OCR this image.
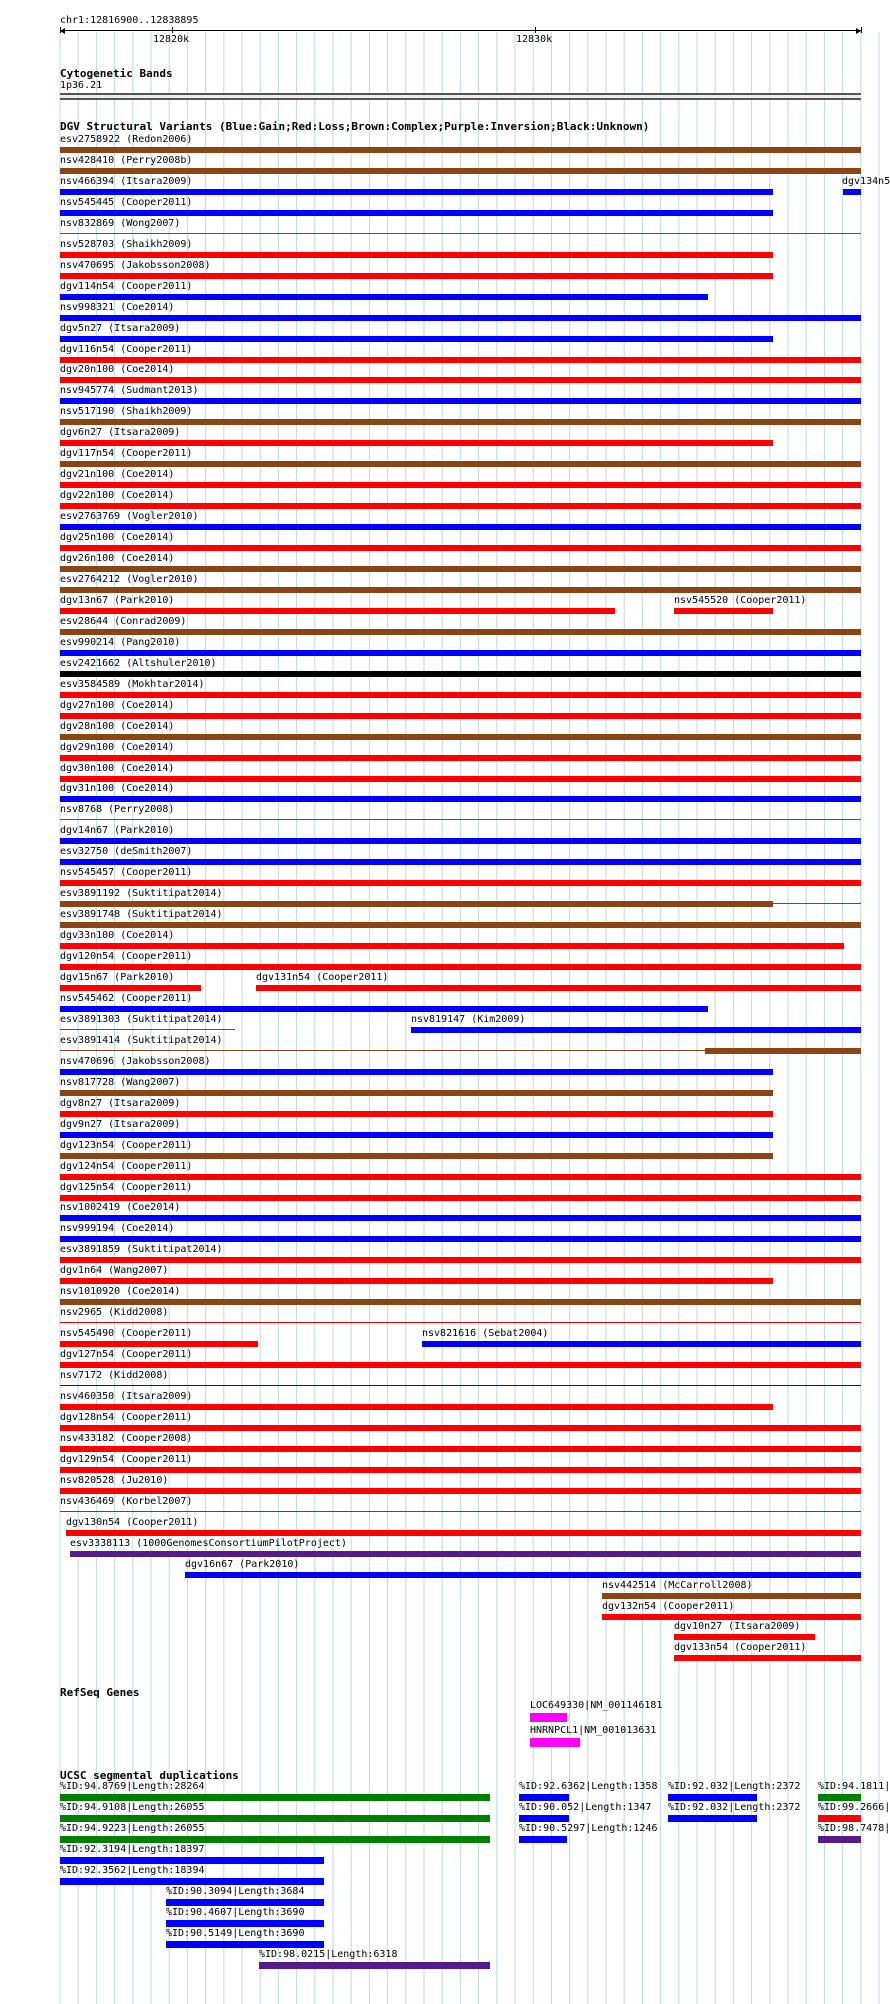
chr1:12816900..12838895
12820k	12830k
Cytogenetic Bands
1p36.21
DGV Structural Variants (Blue:Gain;Red:Loss;Brown:Complex;Purple:Inversion;Black:Unknown)
esv2758922 (Redon2006)
nsv428410 (Perry2008b)
nsv466394 (Itsara2009)	dgv134n5
nsv545445 (Cooper2011)
nsv832869 (Wong2007)
nsv528703 (Shaikh2009)
nsv470695 (Jakobsson2008)
dgv114n54 (Cooper2011)
nsv998321 (Coe2014)
dgv5n27 (Itsara2009)
dgv116n54 (Cooper2011)
dgv20n100 (Coe2014)
nsv945774 (Sudmant2013)
nsv517190 (Shaikh2009)
dgv6n27 (Itsara2009)
dgv117n54 (Cooper2011)
dgv21n100 (Coe2014)
dgv22n100 (Coe2014)
esv2763769 (Vogler2010)
dgv25n100 (Coe2014)
dgv26n100 (Coe2014)
esv2764212 (Vogler2010)
dgv13n67 (Park2010)	nsv545520 (Cooper2011)
esv28644 (Conrad2009)
esv990214 (Pang2010)
esv2421662 (Altshuler2010)
esv3584589 (Mokhtar2014)
dgv27n100 (Coe2014)
dgv28n100 (Coe2014)
dgv29n100 (Coe2014)
dgv30n100 (Coe2014)
dgv31n100 (Coe2014)
nsv8768 (Perry2008)
dgv14n67 (Park2010)
esv32750 (deSmith2007)
nsv545457 (Cooper2011)
esv3891192 (Suktitipat2014)
esv3891748 (Suktitipat2014)
dgv33n100 (Coe2014)
dgv120n54 (Cooper2011)
dgv15n67 (Park2010)	dgv131n54 (Cooper2011)
nsv545462 (Cooper2011)
esv3891303 (Suktitipat2014)	nsv819147 (Kim2009)
esv3891414 (Suktitipat2014)
nsv470696 (Jakobsson2008)
nsv817728 (Wang2007)
dgv8n27 (Itsara2009)
dgv9n27 (Itsara2009)
dgv123n54 (Cooper2011)
dgv124n54 (Cooper2011)
dgv125n54 (Cooper2011)
nsv1002419 (Coe2014)
nsv999194 (Coe2014)
esv3891859 (Suktitipat2014)
dgv1n64 (Wang2007)
nsv1010920 (Coe2014)
nsv2965 (Kidd2008)
nsv545490 (Cooper2011)	nsv821616 (Sebat2004)
dgv127n54 (Cooper2011)
nsv7172 (Kidd2008)
nsv460350 (Itsara2009)
dgv128n54 (Cooper2011)
nsv433182 (Cooper2008)
dgv129n54 (Cooper2011)
nsv820528 (Ju2010)
nsv436469 (Korbel2007)
dgv130n54 (Cooper2011)
esv3338113 (1000GenomesConsortiumPilotProject)
dgv16n67 (Park2010)
nsv442514 (McCarroll2008)
dgv132n54 (Cooper2011)
dgv10n27 (Itsara2009)
dgv133n54 (Cooper2011)
RefSeq Genes
LOC649330|NM_001146181
HNRNPCL1|NM_001013631
UCSC segmental duplications
%ID:94.8769|Length:28264
%ID:94.9108|Length:26055
%ID:94.9223|Length:26055
%ID:92.3194|Length:18397
%ID:92.3562|Length:18394
%ID:90.3094|Length:3684
%ID:90.4607|Length:3690
%ID:90.5149|Length:3690
%ID:98.0215|Length:6318
%ID:92.6362|Length:1358
%ID:90.052|Length:1347
%ID:90.5297|Length:1246
%ID:92.032|Length:2372
%ID:92.032|Length:2372
%ID:94.1811|
%ID:99.2666|
%ID:98.7478|
